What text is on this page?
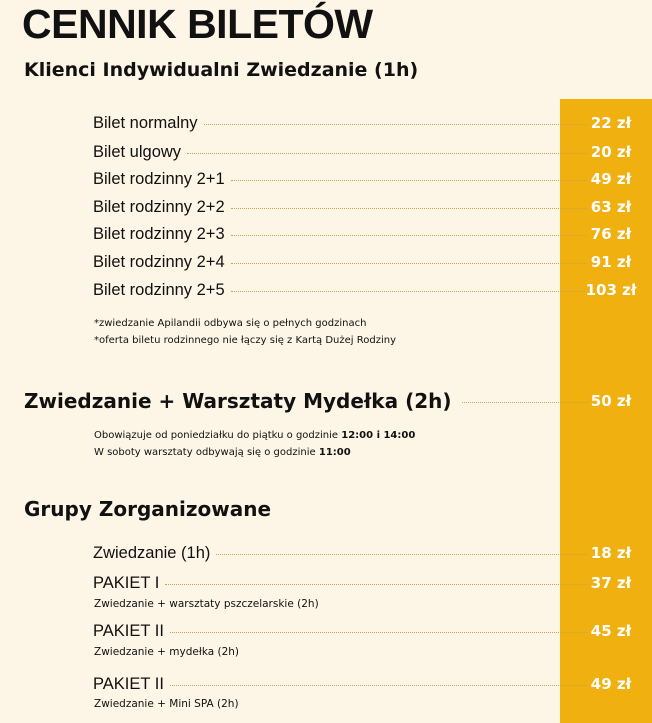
CENNIK BILETÓW
Klienci Indywidualni Zwiedzanie (1h)
Bilet normalny	22 zł
Bilet ulgowy	20 zł
Bilet rodzinny 2+1	49 zł
Bilet rodzinny 2+2	63 zł
Bilet rodzinny 2+3	76 zł
Bilet rodzinny 2+4	91 zł
Bilet rodzinny 2+5	103 zł

*zwiedzanie Apilandii odbywa się o pełnych godzinach

*oferta biletu rodzinnego nie łączy się z Kartą Dużej Rodziny

Zwiedzanie + Warsztaty Mydełka (2h)	50 zł

Obowiązuje od poniedziałku do piątku o godzinie 12:00 i 14:00

W soboty warsztaty odbywają się o godzinie 11:00

Grupy Zorganizowane
Zwiedzanie (1h)	18 zł
PAKIET I	37 zł

Zwiedzanie + warsztaty pszczelarskie (2h)

PAKIET II	45 zł

Zwiedzanie + mydełka (2h)

PAKIET II	49 zł

Zwiedzanie + Mini SPA (2h)
